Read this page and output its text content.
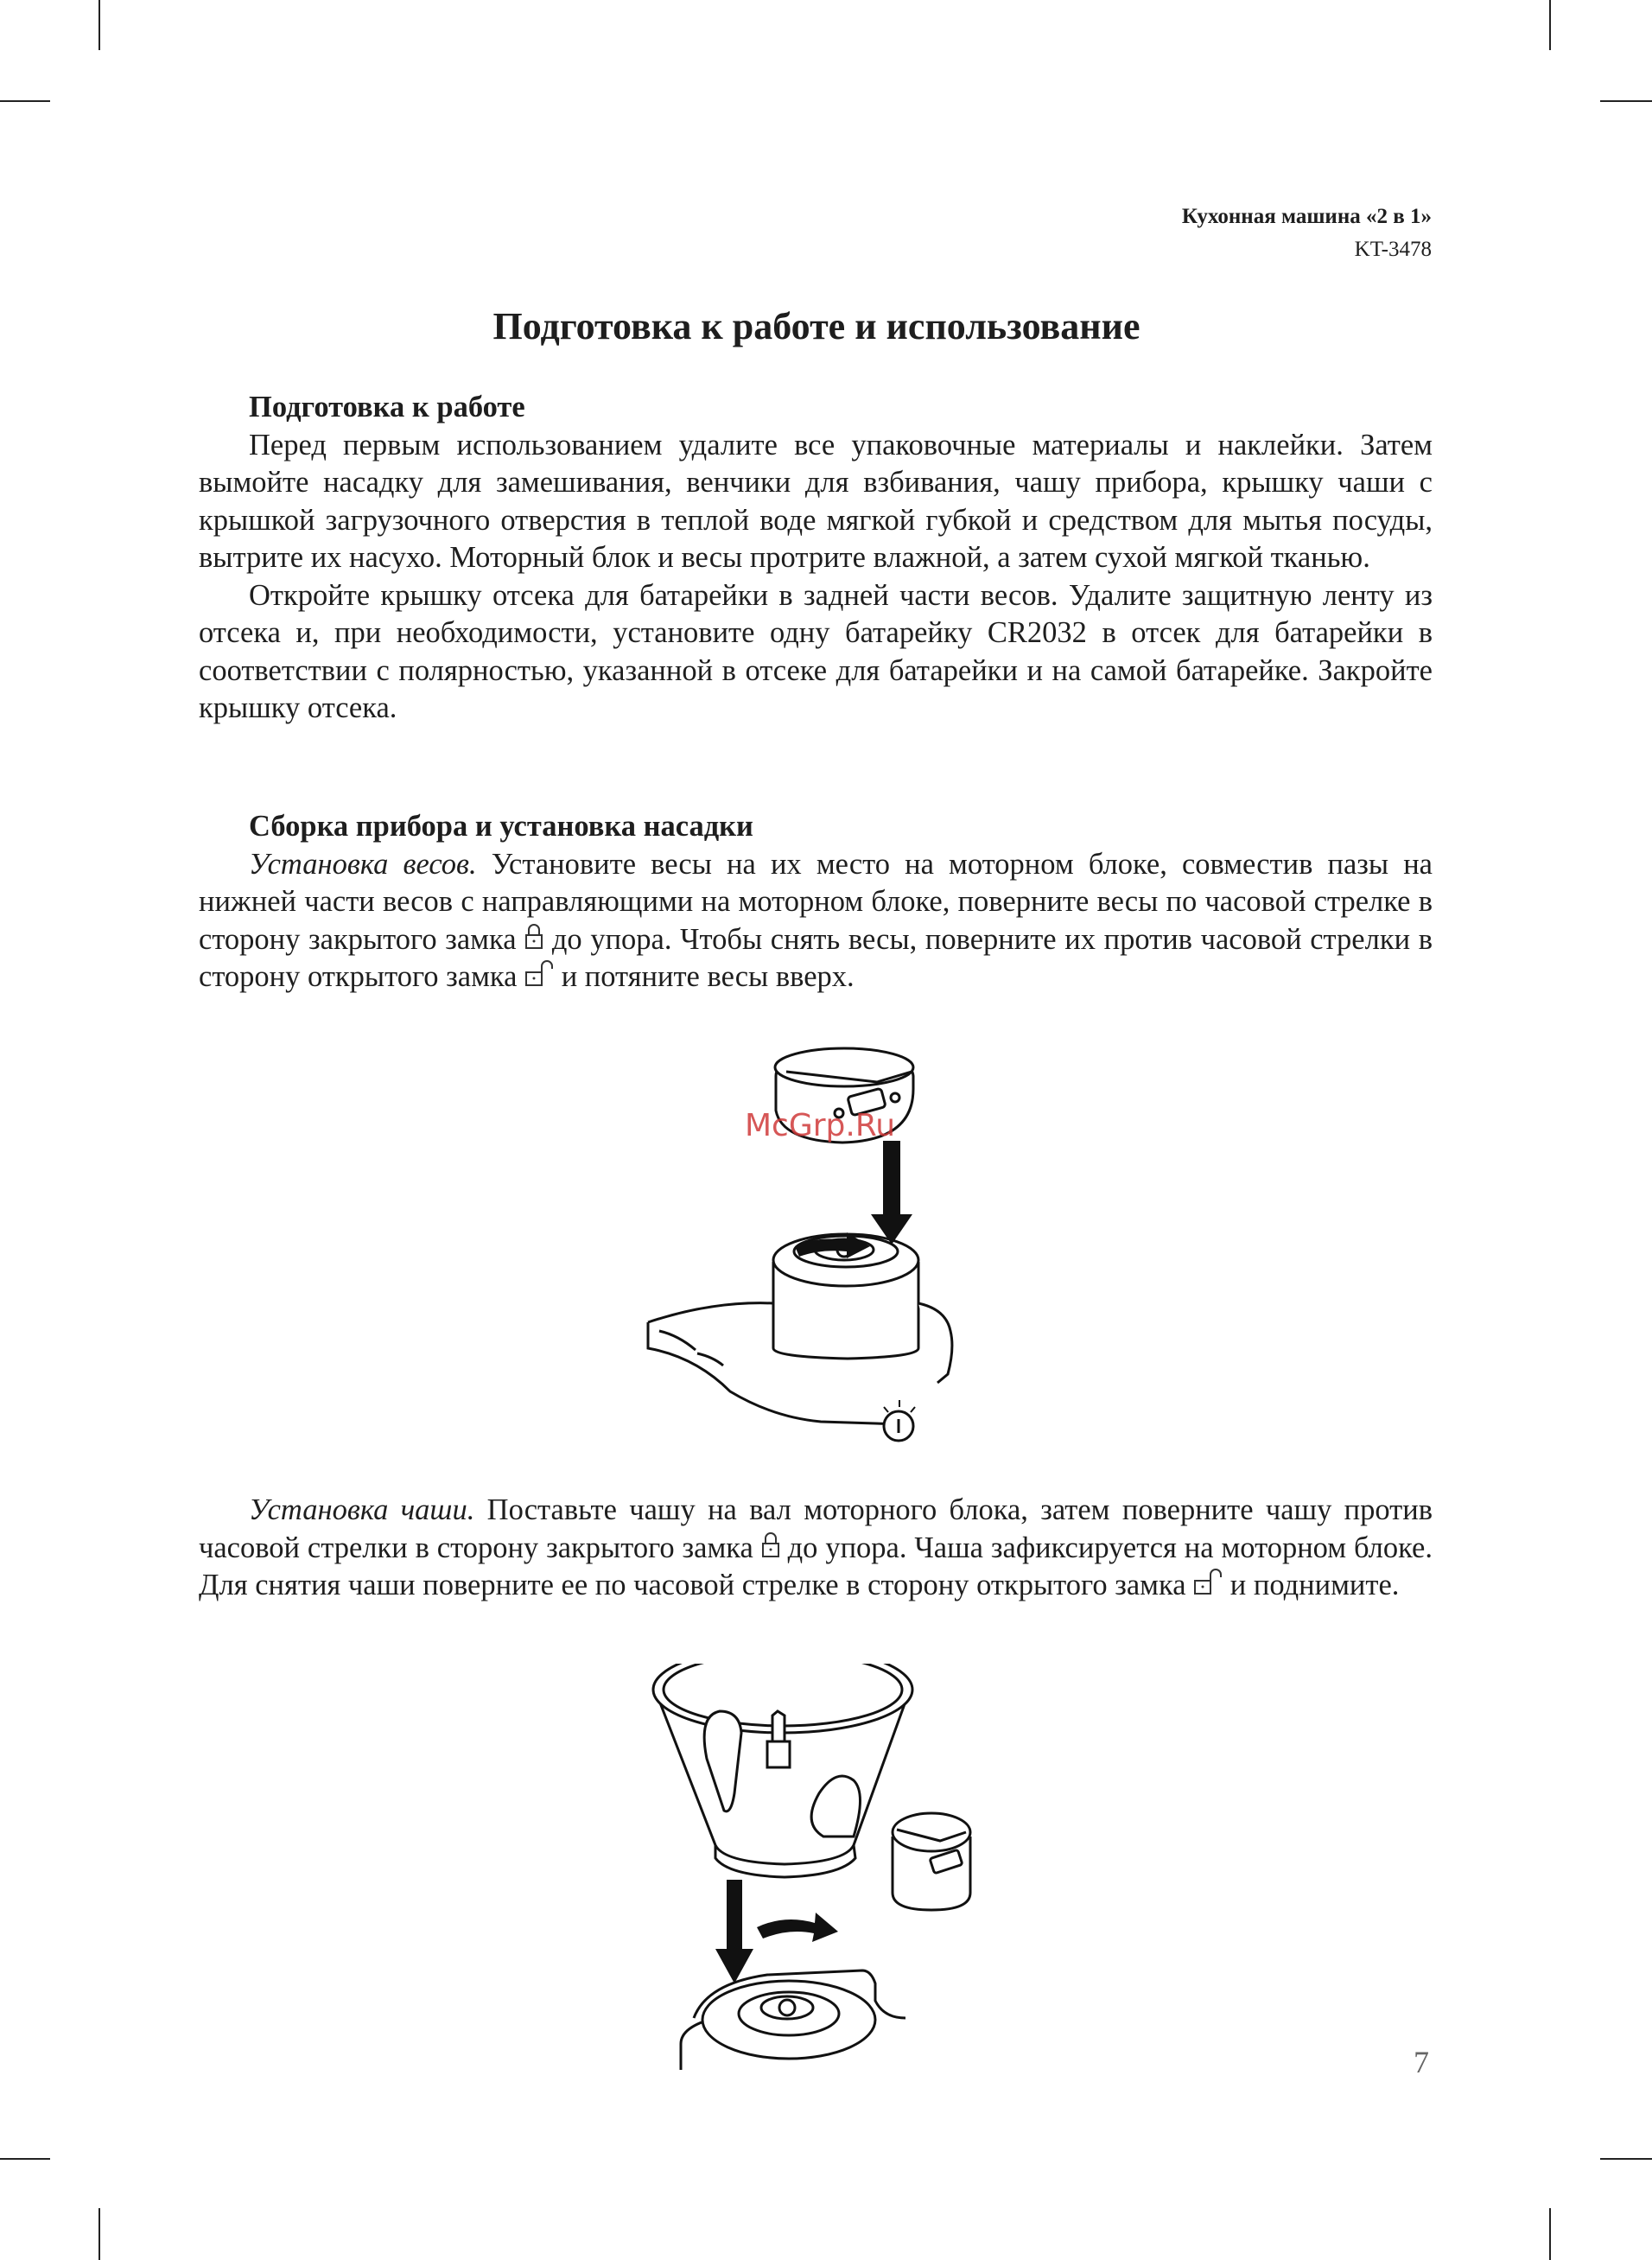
Кухонная машина «2 в 1»
KT-3478
Подготовка к работе и использование
Подготовка к работе

Перед первым использованием удалите все упаковочные материалы и наклейки. Затем вымойте насадку для замешивания, венчики для взбивания, чашу прибора, крышку чаши с крышкой загрузочного отверстия в теплой воде мягкой губкой и средством для мытья посуды, вытрите их насухо. Моторный блок и весы протрите влажной, а затем сухой мягкой тканью.

Откройте крышку отсека для батарейки в задней части весов. Удалите защитную ленту из отсека и, при необходимости, установите одну батарейку CR2032 в отсек для батарейки в соответствии с полярностью, указанной в отсеке для батарейки и на самой батарейке. Закройте крышку отсека.

Сборка прибора и установка насадки

Установка весов. Установите весы на их место на моторном блоке, совместив пазы на нижней части весов с направляющими на моторном блоке, поверните весы по часовой стрелке в сторону закрытого замка  до упора. Чтобы снять весы, поверните их против часовой стрелки в сторону открытого замка  и потяните весы вверх.

McGrp.Ru

Установка чаши. Поставьте чашу на вал моторного блока, затем поверните чашу против часовой стрелки в сторону закрытого замка  до упора. Чаша зафиксируется на моторном блоке. Для снятия чаши поверните ее по часовой стрелке в сторону открытого замка  и поднимите.

7
